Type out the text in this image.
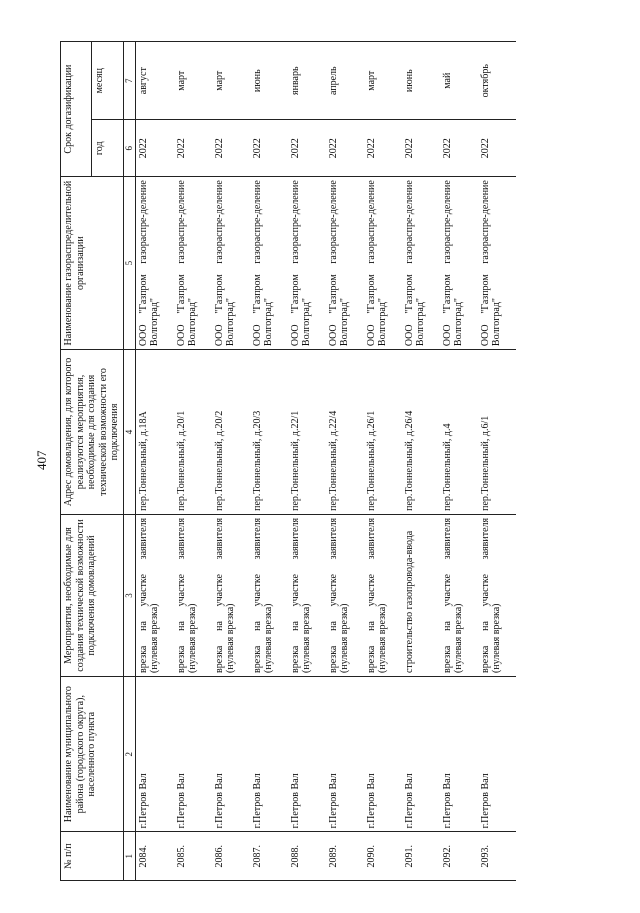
407
№ п/п	Наименование муниципального района (городского округа), населенного пункта	Мероприятия, необходимые для создания технической возможности подключения домовладений	Адрес домовладения, для которого реализуются мероприятия, необходимые для создания технической возможности его подключения	Наименование газораспределительной организации	Срок догазификации	
					год	месяц
1	2	3	4	5	6	7
2084.	г.Петров Вал	врезка на участке заявителя (нулевая врезка)	пер.Тоннельный, д.18А	ООО "Газпром газораспре-деление Волгоград"	2022	август
2085.	г.Петров Вал	врезка на участке заявителя (нулевая врезка)	пер.Тоннельный, д.20/1	ООО "Газпром газораспре-деление Волгоград"	2022	март
2086.	г.Петров Вал	врезка на участке заявителя (нулевая врезка)	пер.Тоннельный, д.20/2	ООО "Газпром газораспре-деление Волгоград"	2022	март
2087.	г.Петров Вал	врезка на участке заявителя (нулевая врезка)	пер.Тоннельный, д.20/3	ООО "Газпром газораспре-деление Волгоград"	2022	июнь
2088.	г.Петров Вал	врезка на участке заявителя (нулевая врезка)	пер.Тоннельный, д.22/1	ООО "Газпром газораспре-деление Волгоград"	2022	январь
2089.	г.Петров Вал	врезка на участке заявителя (нулевая врезка)	пер.Тоннельный, д.22/4	ООО "Газпром газораспре-деление Волгоград"	2022	апрель
2090.	г.Петров Вал	врезка на участке заявителя (нулевая врезка)	пер.Тоннельный, д.26/1	ООО "Газпром газораспре-деление Волгоград"	2022	март
2091.	г.Петров Вал	строительство газопровода-ввода	пер.Тоннельный, д.26/4	ООО "Газпром газораспре-деление Волгоград"	2022	июнь
2092.	г.Петров Вал	врезка на участке заявителя (нулевая врезка)	пер.Тоннельный, д.4	ООО "Газпром газораспре-деление Волгоград"	2022	май
2093.	г.Петров Вал	врезка на участке заявителя (нулевая врезка)	пер.Тоннельный, д.6/1	ООО "Газпром газораспре-деление Волгоград"	2022	октябрь
